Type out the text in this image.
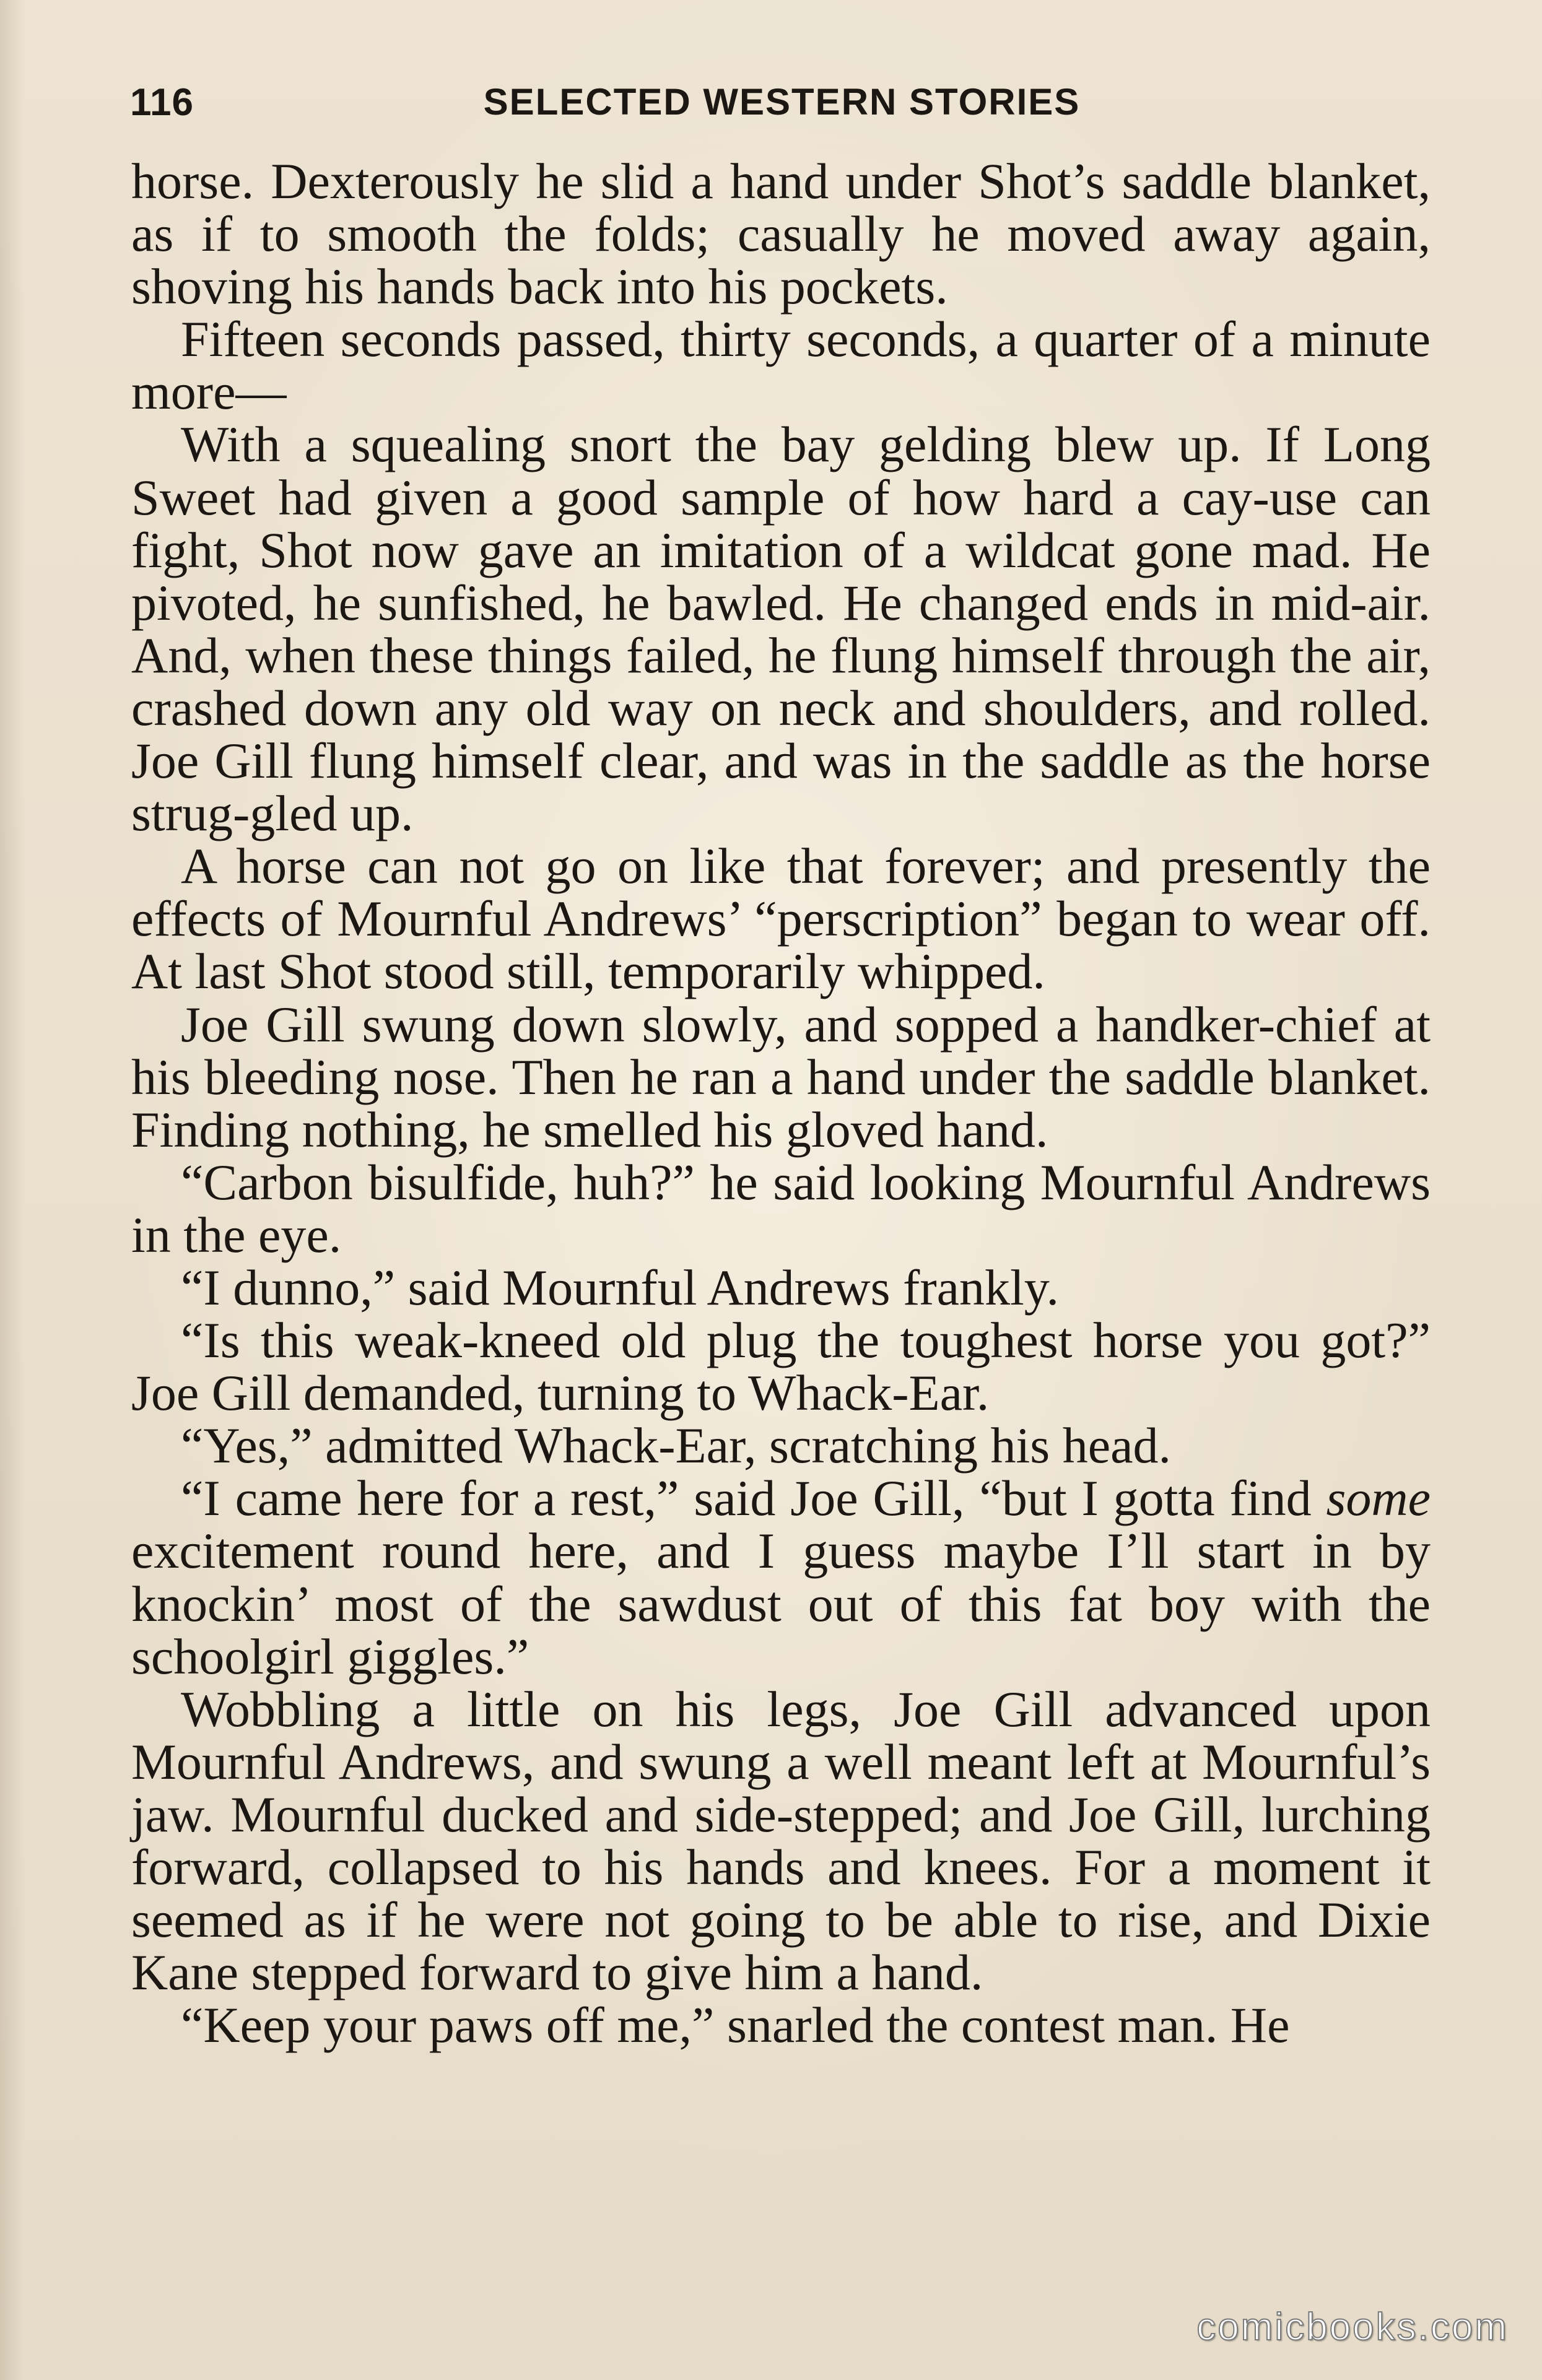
116	SELECTED WESTERN STORIES

horse. Dexterously he slid a hand under Shot’s saddle blanket, as if to smooth the folds; casually he moved away again, shoving his hands back into his pockets.

Fifteen seconds passed, thirty seconds, a quarter of a minute more—

With a squealing snort the bay gelding blew up. If Long Sweet had given a good sample of how hard a cay-use can fight, Shot now gave an imitation of a wildcat gone mad. He pivoted, he sunfished, he bawled. He changed ends in mid-air. And, when these things failed, he flung himself through the air, crashed down any old way on neck and shoulders, and rolled. Joe Gill flung himself clear, and was in the saddle as the horse strug-gled up.

A horse can not go on like that forever; and presently the effects of Mournful Andrews’ “perscription” began to wear off. At last Shot stood still, temporarily whipped.

Joe Gill swung down slowly, and sopped a handker-chief at his bleeding nose. Then he ran a hand under the saddle blanket. Finding nothing, he smelled his gloved hand.

“Carbon bisulfide, huh?” he said looking Mournful Andrews in the eye.

“I dunno,” said Mournful Andrews frankly.

“Is this weak-kneed old plug the toughest horse you got?” Joe Gill demanded, turning to Whack-Ear.

“Yes,” admitted Whack-Ear, scratching his head.

“I came here for a rest,” said Joe Gill, “but I gotta find some excitement round here, and I guess maybe I’ll start in by knockin’ most of the sawdust out of this fat boy with the schoolgirl giggles.”

Wobbling a little on his legs, Joe Gill advanced upon Mournful Andrews, and swung a well meant left at Mournful’s jaw. Mournful ducked and side-stepped; and Joe Gill, lurching forward, collapsed to his hands and knees. For a moment it seemed as if he were not going to be able to rise, and Dixie Kane stepped forward to give him a hand.

“Keep your paws off me,” snarled the contest man. He

comicbooks.com
